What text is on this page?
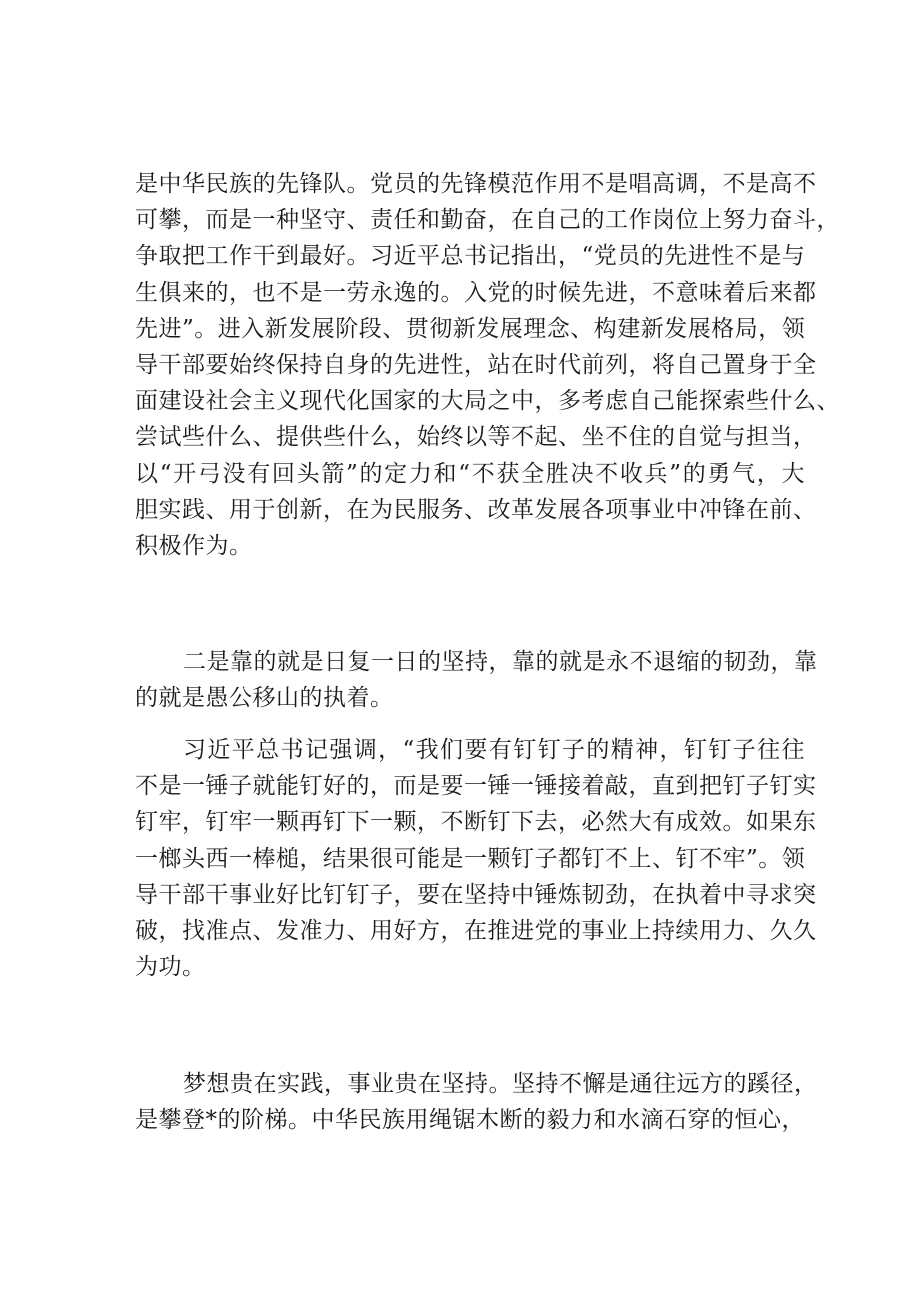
是中华民族的先锋队。党员的先锋模范作用不是唱高调，不是高不
可攀，而是一种坚守、责任和勤奋，在自己的工作岗位上努力奋斗，
争取把工作干到最好。习近平总书记指出，“党员的先进性不是与
生俱来的，也不是一劳永逸的。入党的时候先进，不意味着后来都
先进”。进入新发展阶段、贯彻新发展理念、构建新发展格局，领
导干部要始终保持自身的先进性，站在时代前列，将自己置身于全
面建设社会主义现代化国家的大局之中，多考虑自己能探索些什么、
尝试些什么、提供些什么，始终以等不起、坐不住的自觉与担当，
以“开弓没有回头箭”的定力和“不获全胜决不收兵”的勇气，大
胆实践、用于创新，在为民服务、改革发展各项事业中冲锋在前、
积极作为。
二是靠的就是日复一日的坚持，靠的就是永不退缩的韧劲，靠
的就是愚公移山的执着。
习近平总书记强调，“我们要有钉钉子的精神，钉钉子往往
不是一锤子就能钉好的，而是要一锤一锤接着敲，直到把钉子钉实
钉牢，钉牢一颗再钉下一颗，不断钉下去，必然大有成效。如果东
一榔头西一棒槌，结果很可能是一颗钉子都钉不上、钉不牢”。领
导干部干事业好比钉钉子，要在坚持中锤炼韧劲，在执着中寻求突
破，找准点、发准力、用好方，在推进党的事业上持续用力、久久
为功。
梦想贵在实践，事业贵在坚持。坚持不懈是通往远方的蹊径，
是攀登*的阶梯。中华民族用绳锯木断的毅力和水滴石穿的恒心，
